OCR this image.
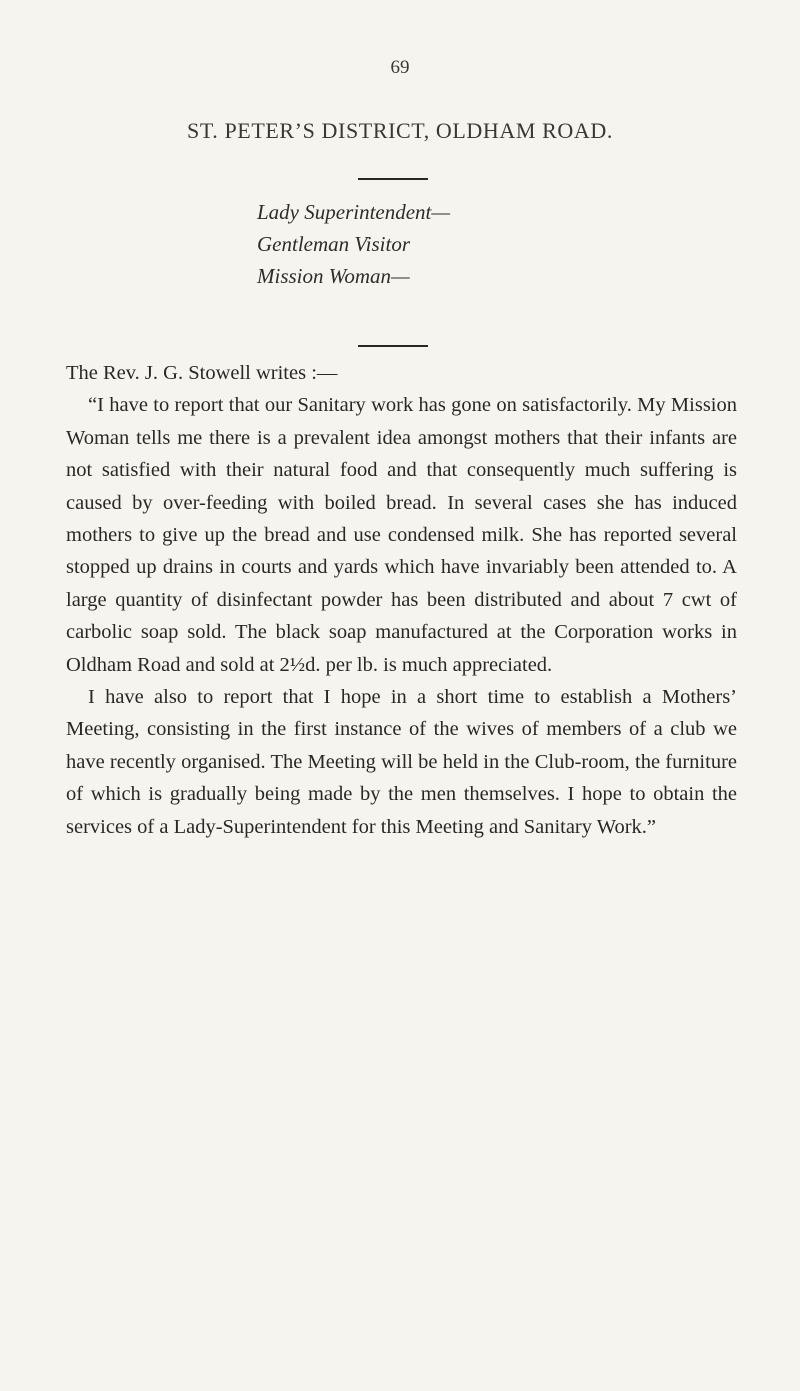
69
ST. PETER’S DISTRICT, OLDHAM ROAD.
Lady Superintendent—
Gentleman Visitor
Mission Woman—

The Rev. J. G. Stowell writes :—

“I have to report that our Sanitary work has gone on satisfactorily. My Mission Woman tells me there is a prevalent idea amongst mothers that their infants are not satisfied with their natural food and that consequently much suffering is caused by over-feeding with boiled bread. In several cases she has induced mothers to give up the bread and use condensed milk. She has reported several stopped up drains in courts and yards which have invariably been attended to. A large quantity of disinfectant powder has been distributed and about 7 cwt of carbolic soap sold. The black soap manufactured at the Corporation works in Oldham Road and sold at 2½d. per lb. is much appreciated.

I have also to report that I hope in a short time to establish a Mothers’ Meeting, consisting in the first instance of the wives of members of a club we have recently organised. The Meeting will be held in the Club-room, the furniture of which is gradually being made by the men themselves. I hope to obtain the services of a Lady-Superintendent for this Meeting and Sanitary Work.”
